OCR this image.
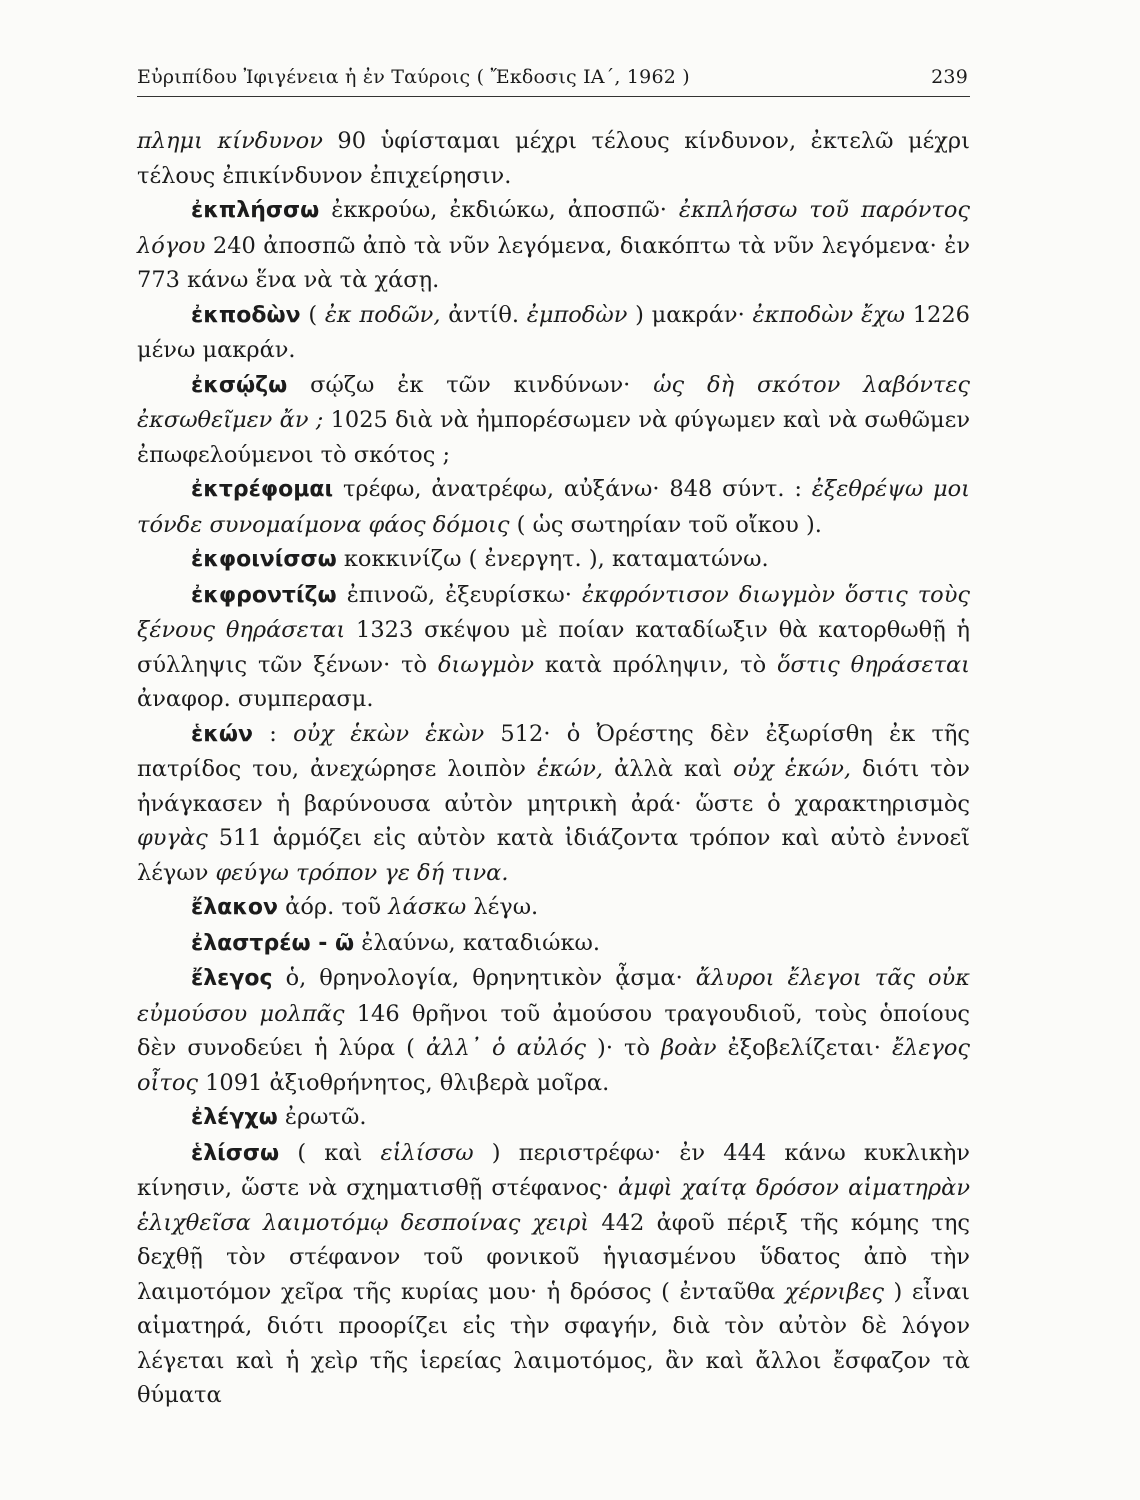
Εὐριπίδου Ἰφιγένεια ἡ ἐν Ταύροις ( Ἔκδοσις ΙΑ΄, 1962 )	239

πλημι κίνδυνον 90 ὑφίσταμαι μέχρι τέλους κίνδυνον, ἐκτελῶ μέχρι τέλους ἐπικίνδυνον ἐπιχείρησιν.

ἐκπλήσσω ἐκκρούω, ἐκδιώκω, ἀποσπῶ· ἐκπλήσσω τοῦ παρόντος λόγου 240 ἀποσπῶ ἀπὸ τὰ νῦν λεγόμενα, διακόπτω τὰ νῦν λεγόμενα· ἐν 773 κάνω ἕνα νὰ τὰ χάσῃ.

ἐκποδὼν ( ἐκ ποδῶν, ἀντίθ. ἐμποδὼν ) μακράν· ἐκποδὼν ἔχω 1226 μένω μακράν.

ἐκσῴζω σῴζω ἐκ τῶν κινδύνων· ὡς δὴ σκότον λαβόντες ἐκσωθεῖμεν ἄν ; 1025 διὰ νὰ ἠμπορέσωμεν νὰ φύγωμεν καὶ νὰ σωθῶμεν ἐπωφελούμενοι τὸ σκότος ;

ἐκτρέφομαι τρέφω, ἀνατρέφω, αὐξάνω· 848 σύντ. : ἐξεθρέψω μοι τόνδε συνομαίμονα φάος δόμοις ( ὡς σωτηρίαν τοῦ οἴκου ).

ἐκφοινίσσω κοκκινίζω ( ἐνεργητ. ), καταματώνω.

ἐκφροντίζω ἐπινοῶ, ἐξευρίσκω· ἐκφρόντισον διωγμὸν ὅστις τοὺς ξένους θηράσεται 1323 σκέψου μὲ ποίαν καταδίωξιν θὰ κατορθωθῇ ἡ σύλληψις τῶν ξένων· τὸ διωγμὸν κατὰ πρόληψιν, τὸ ὅστις θηράσεται ἀναφορ. συμπερασμ.

ἑκών : οὐχ ἑκὼν ἑκὼν 512· ὁ Ὀρέστης δὲν ἐξωρίσθη ἐκ τῆς πατρίδος του, ἀνεχώρησε λοιπὸν ἑκών, ἀλλὰ καὶ οὐχ ἑκών, διότι τὸν ἠνάγκασεν ἡ βαρύνουσα αὐτὸν μητρικὴ ἀρά· ὥστε ὁ χαρακτηρισμὸς φυγὰς 511 ἁρμόζει εἰς αὐτὸν κατὰ ἰδιάζοντα τρόπον καὶ αὐτὸ ἐννοεῖ λέγων φεύγω τρόπον γε δή τινα.

ἔλακον ἀόρ. τοῦ λάσκω λέγω.

ἐλαστρέω - ῶ ἐλαύνω, καταδιώκω.

ἔλεγος ὁ, θρηνολογία, θρηνητικὸν ᾆσμα· ἄλυροι ἔλεγοι τᾶς οὐκ εὐμούσου μολπᾶς 146 θρῆνοι τοῦ ἀμούσου τραγουδιοῦ, τοὺς ὁποίους δὲν συνοδεύει ἡ λύρα ( ἀλλ᾽ ὁ αὐλός )· τὸ βοὰν ἐξοβελίζεται· ἔλεγος οἶτος 1091 ἀξιοθρήνητος, θλιβερὰ μοῖρα.

ἐλέγχω ἐρωτῶ.

ἑλίσσω ( καὶ εἱλίσσω ) περιστρέφω· ἐν 444 κάνω κυκλικὴν κίνησιν, ὥστε νὰ σχηματισθῇ στέφανος· ἀμφὶ χαίτᾳ δρόσον αἱματηρὰν ἑλιχθεῖσα λαιμοτόμῳ δεσποίνας χειρὶ 442 ἀφοῦ πέριξ τῆς κόμης της δεχθῇ τὸν στέφανον τοῦ φονικοῦ ἡγιασμένου ὕδατος ἀπὸ τὴν λαιμοτόμον χεῖρα τῆς κυρίας μου· ἡ δρόσος ( ἐνταῦθα χέρνιβες ) εἶναι αἱματηρά, διότι προορίζει εἰς τὴν σφαγήν, διὰ τὸν αὐτὸν δὲ λόγον λέγεται καὶ ἡ χεὶρ τῆς ἱερείας λαιμοτόμος, ἂν καὶ ἄλλοι ἔσφαζον τὰ θύματα
